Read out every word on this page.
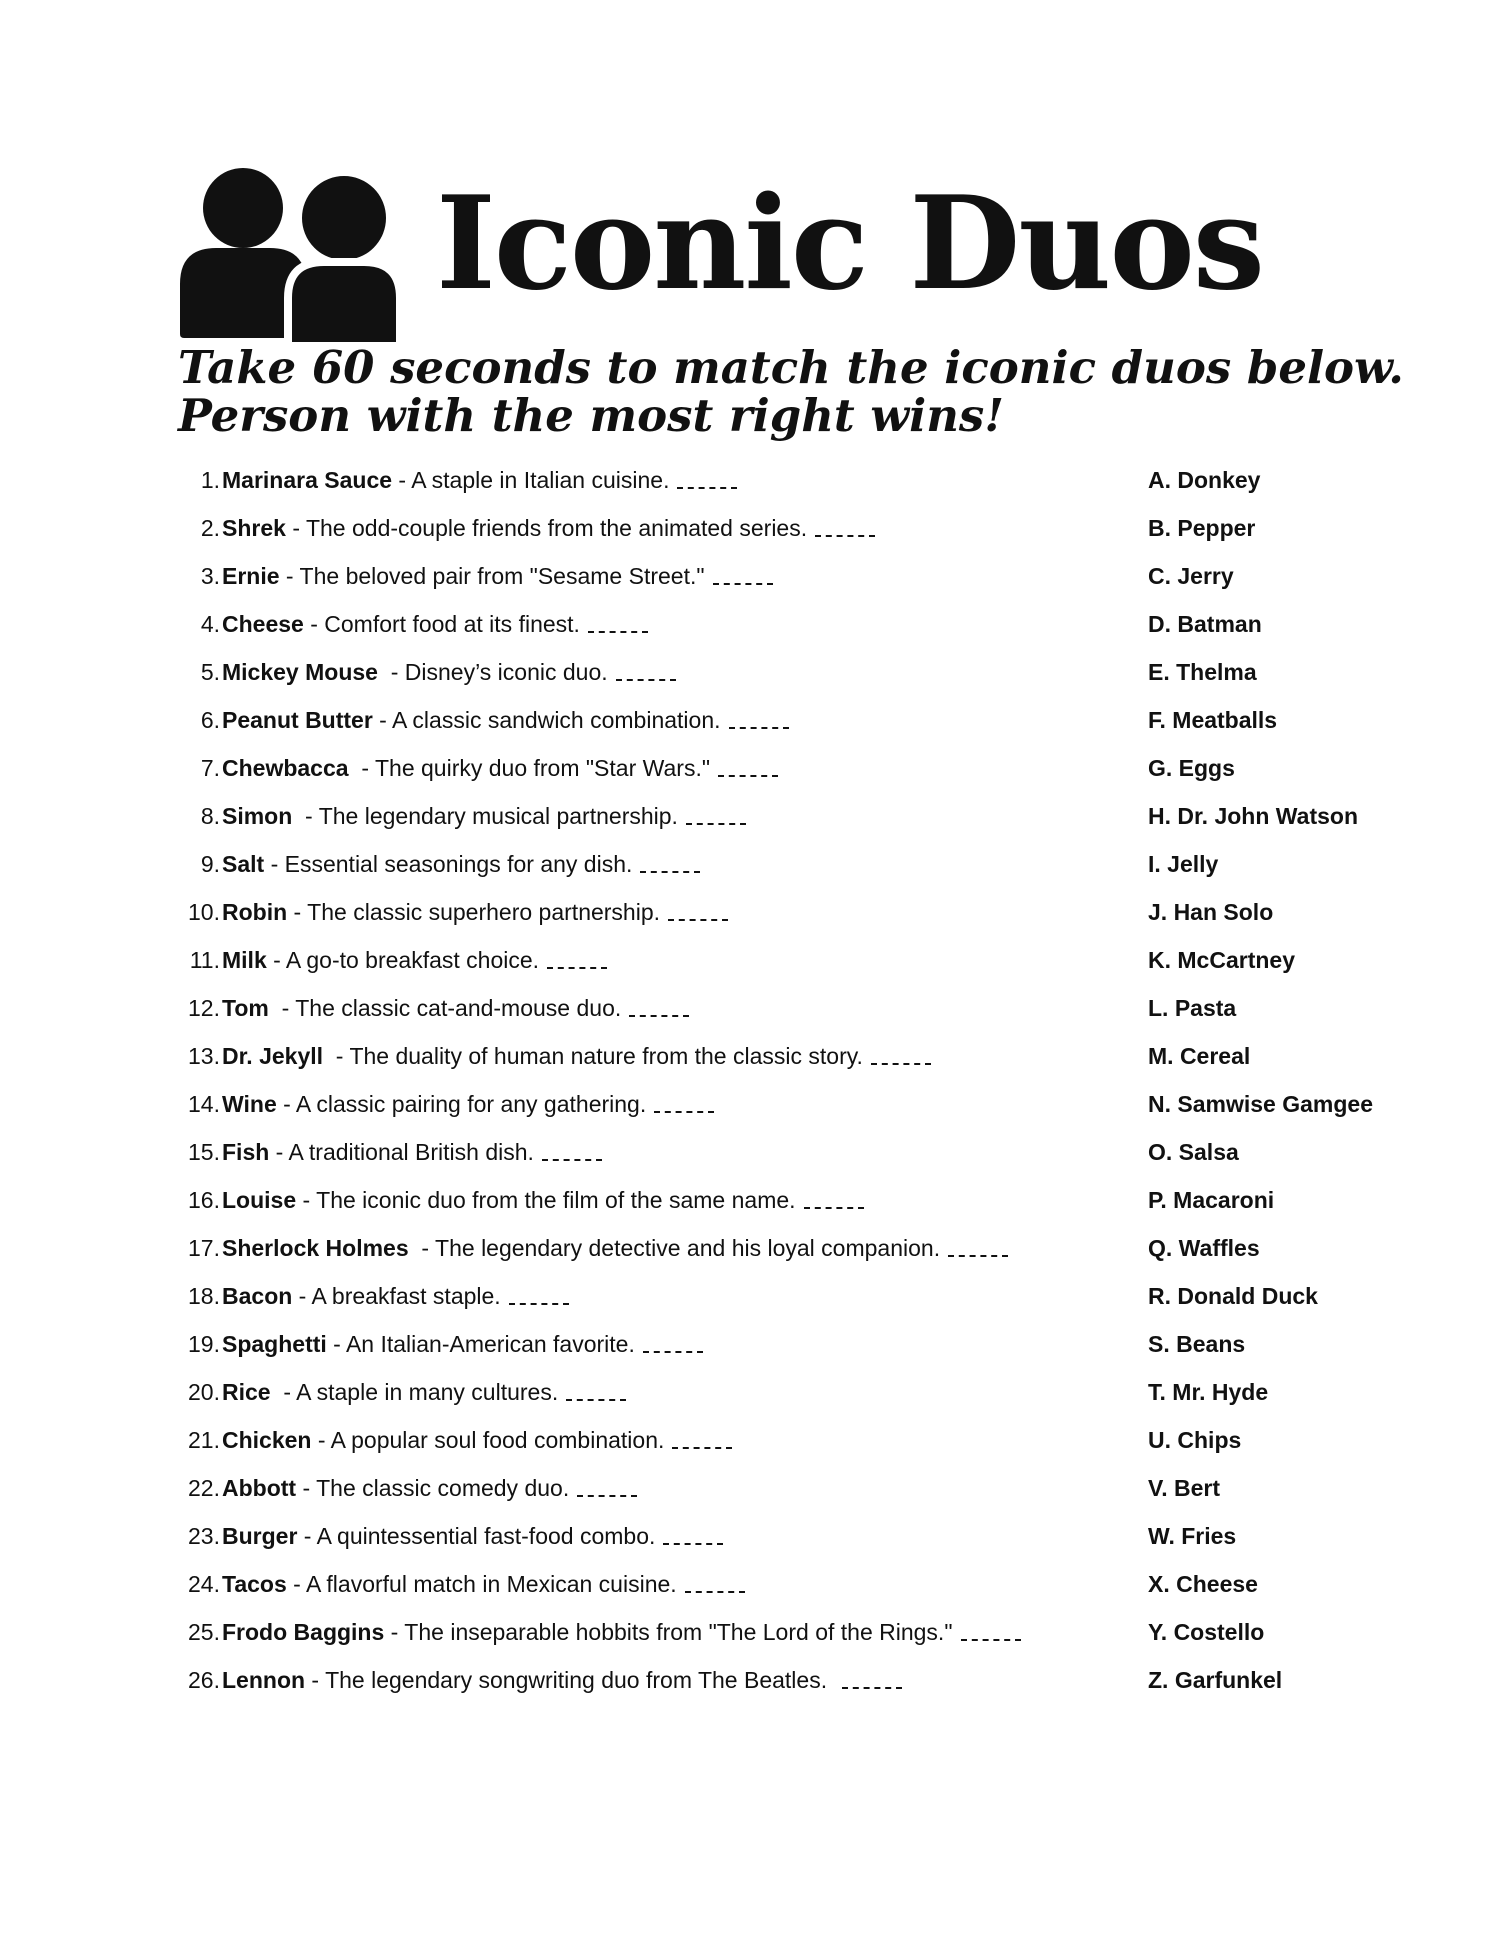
Iconic Duos
Take 60 seconds to match the iconic duos below.
Person with the most right wins!
1. Marinara Sauce - A staple in Italian cuisine.
2. Shrek - The odd-couple friends from the animated series.
3. Ernie - The beloved pair from "Sesame Street."
4. Cheese - Comfort food at its finest.
5. Mickey Mouse - Disney’s iconic duo.
6. Peanut Butter - A classic sandwich combination.
7. Chewbacca - The quirky duo from "Star Wars."
8. Simon - The legendary musical partnership.
9. Salt - Essential seasonings for any dish.
10. Robin - The classic superhero partnership.
11. Milk - A go-to breakfast choice.
12. Tom - The classic cat-and-mouse duo.
13. Dr. Jekyll - The duality of human nature from the classic story.
14. Wine - A classic pairing for any gathering.
15. Fish - A traditional British dish.
16. Louise - The iconic duo from the film of the same name.
17. Sherlock Holmes - The legendary detective and his loyal companion.
18. Bacon - A breakfast staple.
19. Spaghetti - An Italian-American favorite.
20. Rice - A staple in many cultures.
21. Chicken - A popular soul food combination.
22. Abbott - The classic comedy duo.
23. Burger - A quintessential fast-food combo.
24. Tacos - A flavorful match in Mexican cuisine.
25. Frodo Baggins - The inseparable hobbits from "The Lord of the Rings."
26. Lennon - The legendary songwriting duo from The Beatles.
A. Donkey
B. Pepper
C. Jerry
D. Batman
E. Thelma
F. Meatballs
G. Eggs
H. Dr. John Watson
I. Jelly
J. Han Solo
K. McCartney
L. Pasta
M. Cereal
N. Samwise Gamgee
O. Salsa
P. Macaroni
Q. Waffles
R. Donald Duck
S. Beans
T. Mr. Hyde
U. Chips
V. Bert
W. Fries
X. Cheese
Y. Costello
Z. Garfunkel
